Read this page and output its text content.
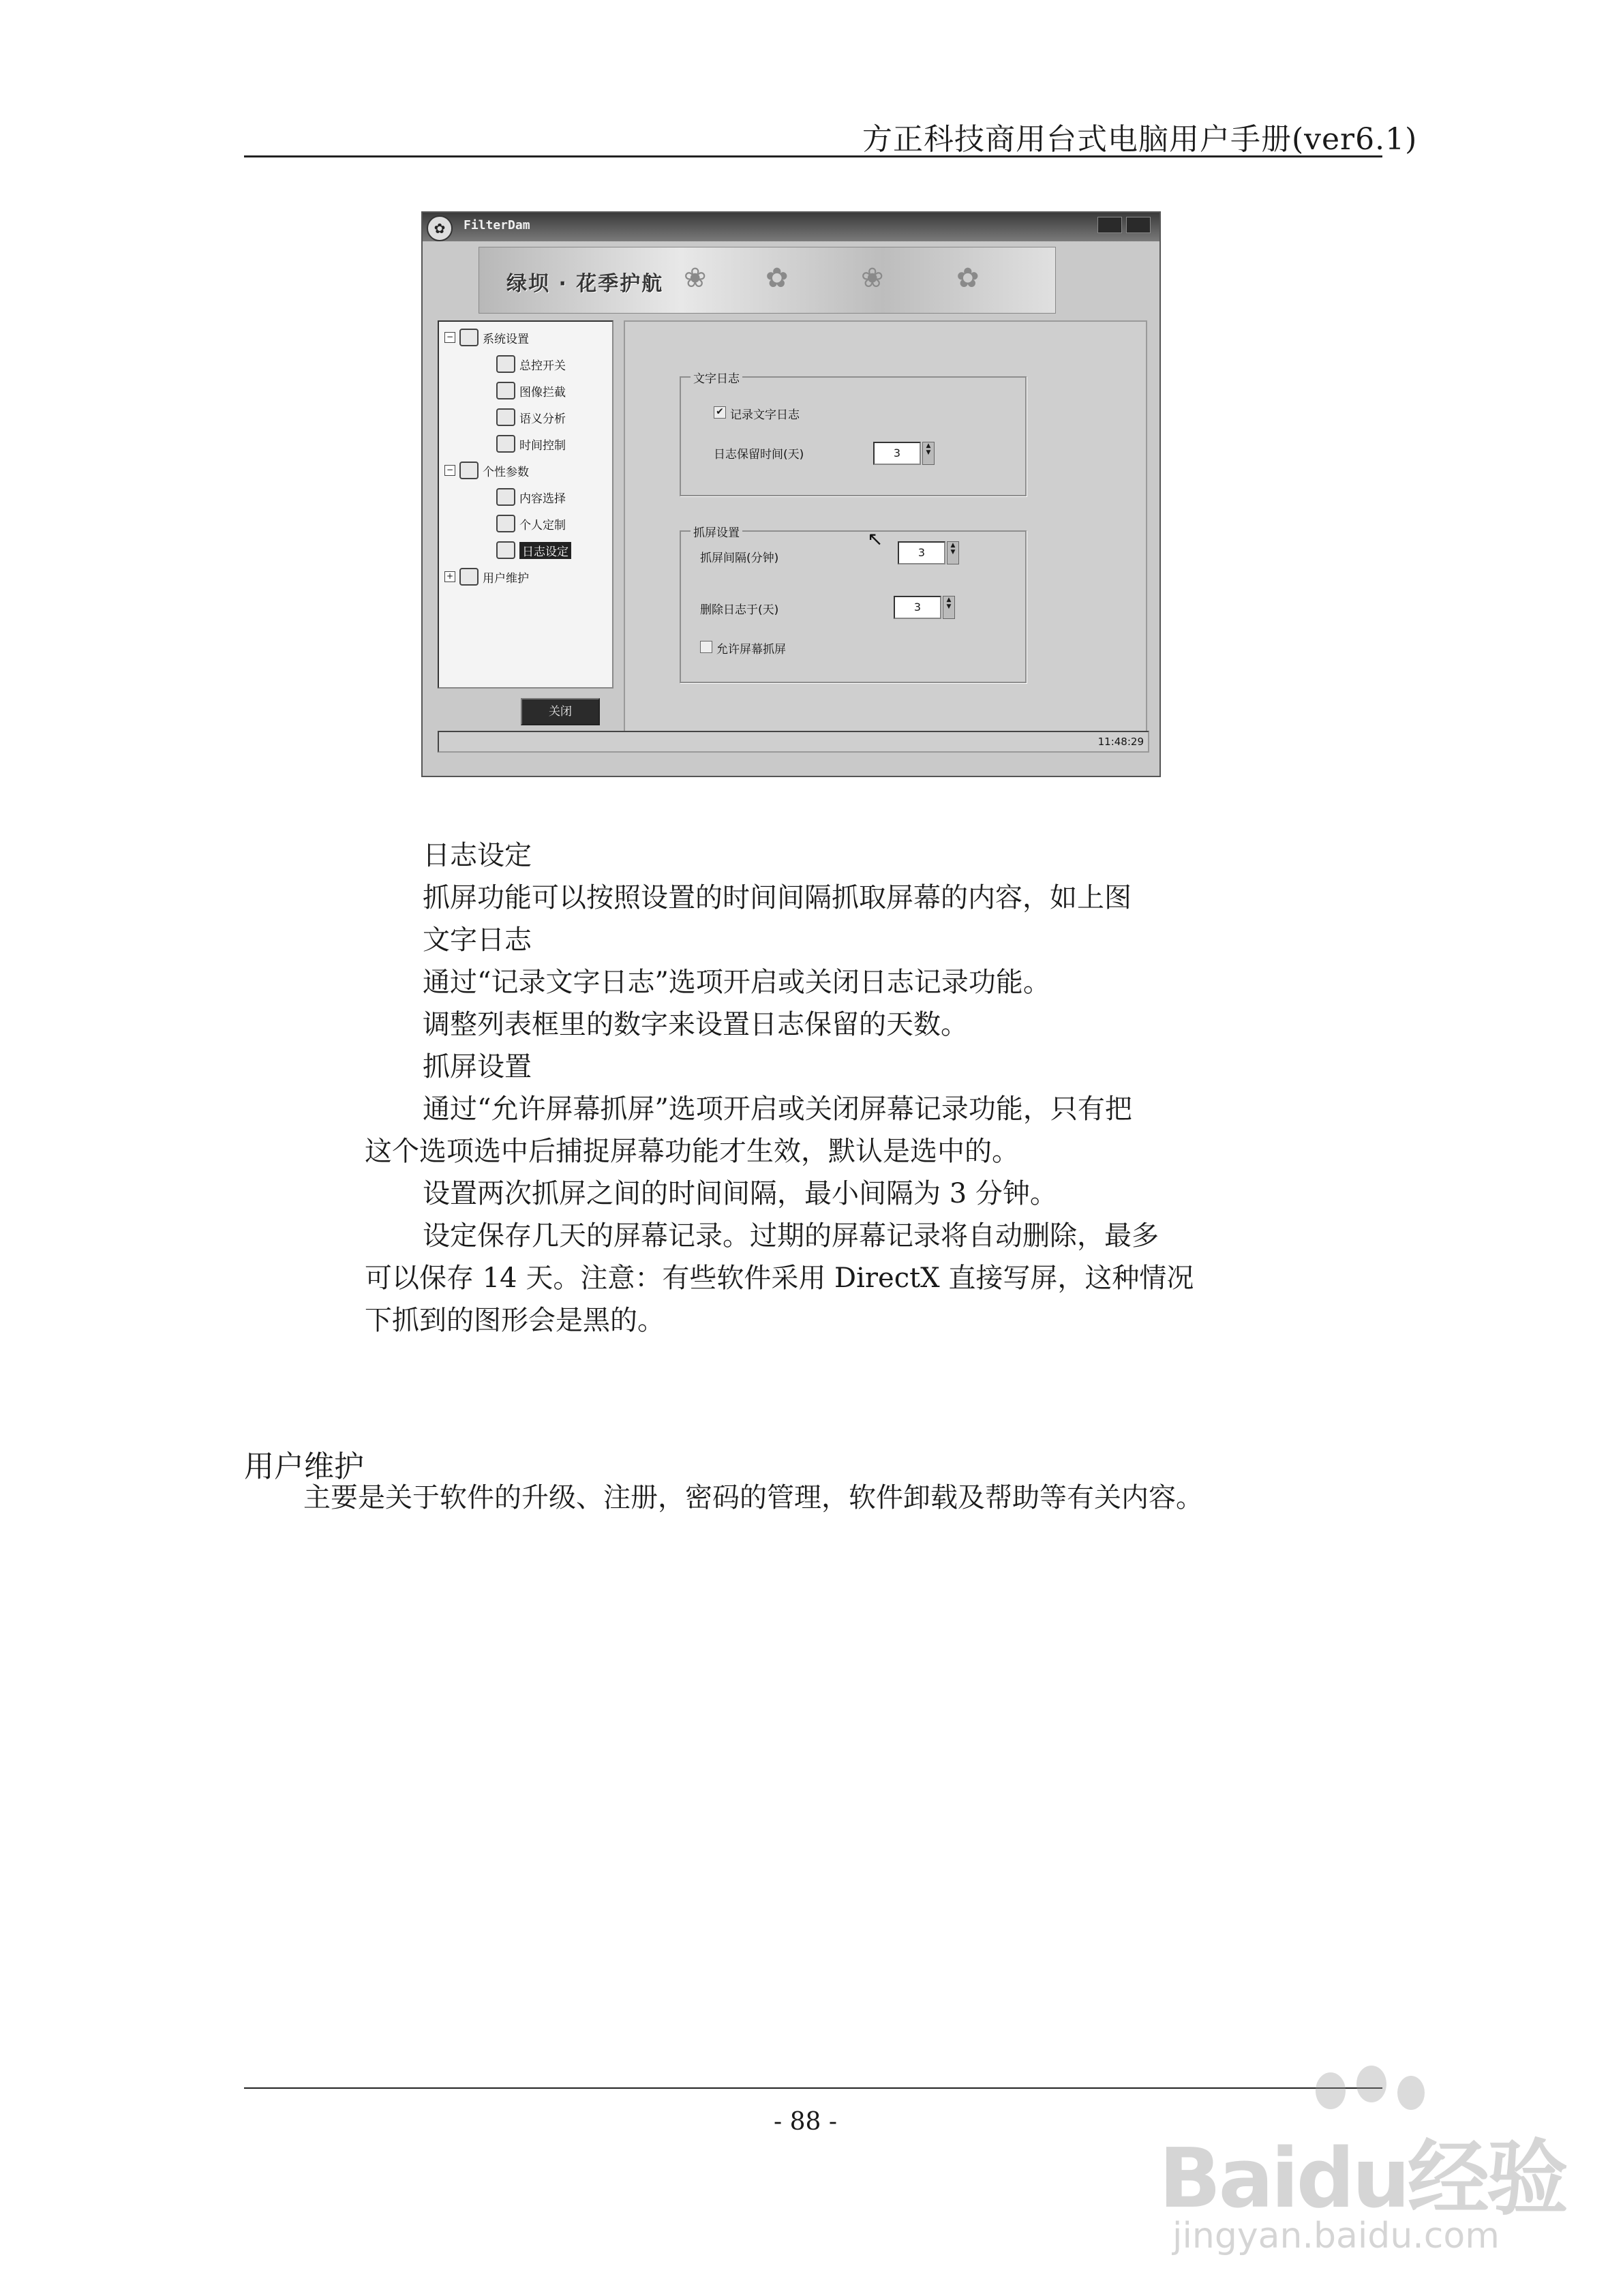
方正科技商用台式电脑用户手册(ver6.1)
✿	FilterDam
绿坝 · 花季护航 ❀ ✿	❀	✿
−	系统设置
总控开关
图像拦截
语义分析
时间控制
−	个性参数
内容选择
个人定制
日志设定
+	用户维护
关闭
文字日志
✔ 记录文字日志
日志保留时间(天)	3
▲
▼
抓屏设置
抓屏间隔(分钟)	3
▲
▼
删除日志于(天)	3
▲
▼
允许屏幕抓屏
↖
11:48:29
日志设定
抓屏功能可以按照设置的时间间隔抓取屏幕的内容，如上图
文字日志
通过“记录文字日志”选项开启或关闭日志记录功能。
调整列表框里的数字来设置日志保留的天数。
抓屏设置
通过“允许屏幕抓屏”选项开启或关闭屏幕记录功能，只有把
这个选项选中后捕捉屏幕功能才生效，默认是选中的。
设置两次抓屏之间的时间间隔，最小间隔为 3 分钟。
设定保存几天的屏幕记录。过期的屏幕记录将自动删除，最多
可以保存 14 天。注意：有些软件采用 DirectX 直接写屏，这种情况
下抓到的图形会是黑的。
用户维护
主要是关于软件的升级、注册，密码的管理，软件卸载及帮助等有关内容。
- 88 -
Baidu经验
jingyan.baidu.com
